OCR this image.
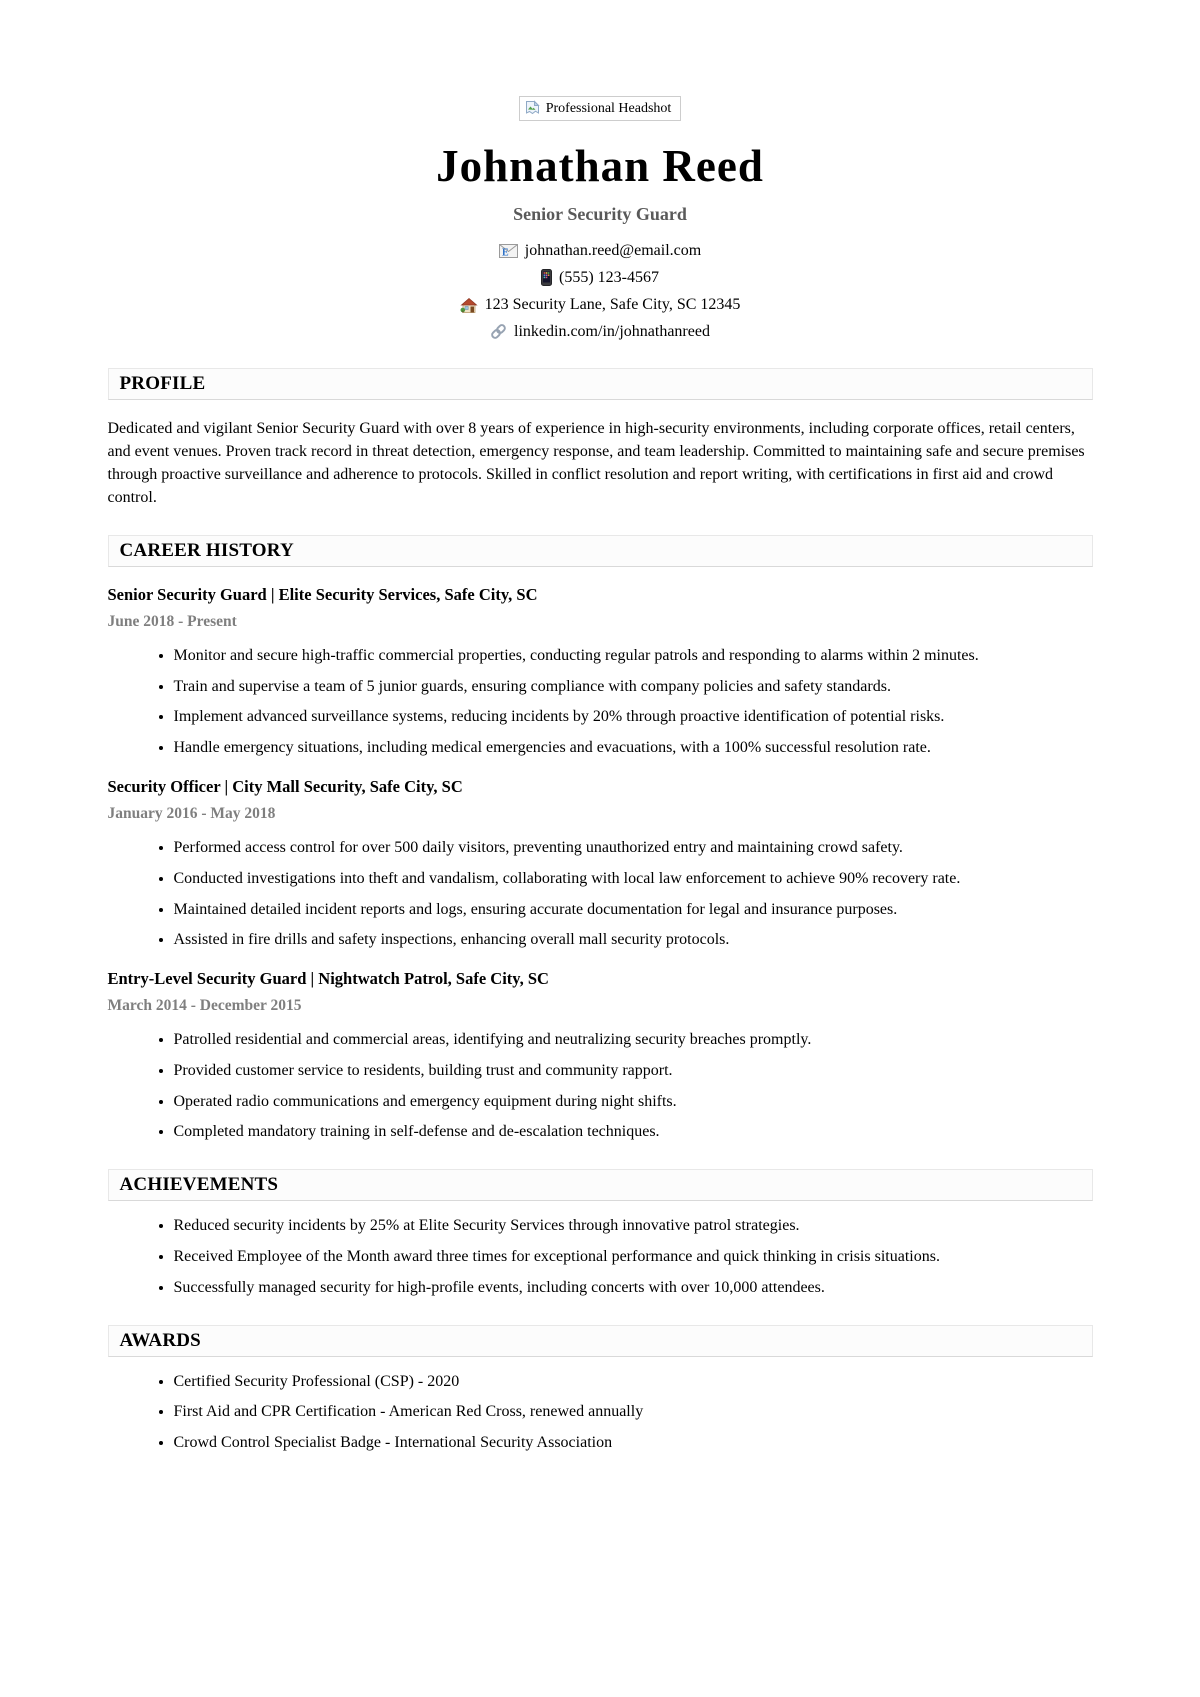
Professional Headshot
Johnathan Reed
Senior Security Guard
E johnathan.reed@email.com
(555) 123-4567
123 Security Lane, Safe City, SC 12345
linkedin.com/in/johnathanreed
PROFILE

Dedicated and vigilant Senior Security Guard with over 8 years of experience in high-security environments, including corporate offices, retail centers, and event venues. Proven track record in threat detection, emergency response, and team leadership. Committed to maintaining safe and secure premises through proactive surveillance and adherence to protocols. Skilled in conflict resolution and report writing, with certifications in first aid and crowd control.

CAREER HISTORY
Senior Security Guard | Elite Security Services, Safe City, SC
June 2018 - Present
• Monitor and secure high-traffic commercial properties, conducting regular patrols and responding to alarms within 2 minutes.
• Train and supervise a team of 5 junior guards, ensuring compliance with company policies and safety standards.
• Implement advanced surveillance systems, reducing incidents by 20% through proactive identification of potential risks.
• Handle emergency situations, including medical emergencies and evacuations, with a 100% successful resolution rate.
Security Officer | City Mall Security, Safe City, SC
January 2016 - May 2018
• Performed access control for over 500 daily visitors, preventing unauthorized entry and maintaining crowd safety.
• Conducted investigations into theft and vandalism, collaborating with local law enforcement to achieve 90% recovery rate.
• Maintained detailed incident reports and logs, ensuring accurate documentation for legal and insurance purposes.
• Assisted in fire drills and safety inspections, enhancing overall mall security protocols.
Entry-Level Security Guard | Nightwatch Patrol, Safe City, SC
March 2014 - December 2015
• Patrolled residential and commercial areas, identifying and neutralizing security breaches promptly.
• Provided customer service to residents, building trust and community rapport.
• Operated radio communications and emergency equipment during night shifts.
• Completed mandatory training in self-defense and de-escalation techniques.
ACHIEVEMENTS
• Reduced security incidents by 25% at Elite Security Services through innovative patrol strategies.
• Received Employee of the Month award three times for exceptional performance and quick thinking in crisis situations.
• Successfully managed security for high-profile events, including concerts with over 10,000 attendees.
AWARDS
• Certified Security Professional (CSP) - 2020
• First Aid and CPR Certification - American Red Cross, renewed annually
• Crowd Control Specialist Badge - International Security Association
